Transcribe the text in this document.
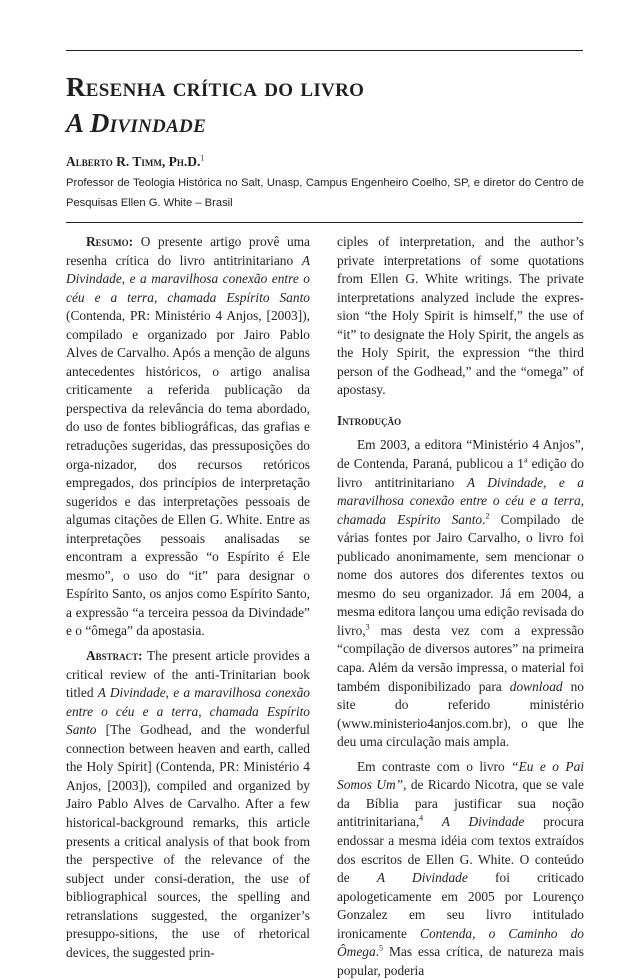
Resenha crítica do livro
A Divindade
Alberto R. Timm, Ph.D.$^1$
Professor de Teologia Histórica no Salt, Unasp, Campus Engenheiro Coelho, SP, e diretor do Centro de Pesquisas Ellen G. White – Brasil

Resumo: O presente artigo provê uma resenha crítica do livro antitrinitariano A Divindade, e a maravilhosa conexão entre o céu e a terra, chamada Espírito Santo (Contenda, PR: Ministério 4 Anjos, [2003]), compilado e organizado por Jairo Pablo Alves de Carvalho. Após a menção de alguns antecedentes históricos, o artigo analisa criticamente a referida publicação da perspectiva da relevância do tema abordado, do uso de fontes bibliográficas, das grafias e retraduções sugeridas, das pressuposições do orga-nizador, dos recursos retóricos empregados, dos princípios de interpretação sugeridos e das interpretações pessoais de algumas citações de Ellen G. White. Entre as interpretações pessoais analisadas se encontram a expressão “o Espírito é Ele mesmo”, o uso do “it” para designar o Espírito Santo, os anjos como Espírito Santo, a expressão “a terceira pessoa da Divindade” e o “ômega” da apostasia.

Abstract: The present article provides a critical review of the anti-Trinitarian book titled A Divindade, e a maravilhosa conexão entre o céu e a terra, chamada Espírito Santo [The Godhead, and the wonderful connection between heaven and earth, called the Holy Spirit] (Contenda, PR: Ministério 4 Anjos, [2003]), compiled and organized by Jairo Pablo Alves de Carvalho. After a few historical-background remarks, this article presents a critical analysis of that book from the perspective of the relevance of the subject under consi-deration, the use of bibliographical sources, the spelling and retranslations suggested, the organizer’s presuppo-sitions, the use of rhetorical devices, the suggested prin-

ciples of interpretation, and the author’s private interpretations of some quotations from Ellen G. White writings. The private interpretations analyzed include the expres-sion “the Holy Spirit is himself,” the use of “it” to designate the Holy Spirit, the angels as the Holy Spirit, the expression “the third person of the Godhead,” and the “omega” of apostasy.

Introdução

Em 2003, a editora “Ministério 4 Anjos”, de Contenda, Paraná, publicou a 1$^a$ edição do livro antitrinitariano A Divindade, e a maravilhosa conexão entre o céu e a terra, chamada Espírito Santo.$^2$ Compilado de várias fontes por Jairo Carvalho, o livro foi publicado anonimamente, sem mencionar o nome dos autores dos diferentes textos ou mesmo do seu organizador. Já em 2004, a mesma editora lançou uma edição revisada do livro,$^3$ mas desta vez com a expressão “compilação de diversos autores” na primeira capa. Além da versão impressa, o material foi também disponibilizado para download no site do referido ministério (www.ministerio4anjos.com.br), o que lhe deu uma circulação mais ampla.

Em contraste com o livro “Eu e o Pai Somos Um”, de Ricardo Nicotra, que se vale da Bíblia para justificar sua noção antitrinitariana,$^4$ A Divindade procura endossar a mesma idéia com textos extraídos dos escritos de Ellen G. White. O conteúdo de A Divindade foi criticado apologeticamente em 2005 por Lourenço Gonzalez em seu livro intitulado ironicamente Contenda, o Caminho do Ômega.$^5$ Mas essa crítica, de natureza mais popular, poderia
